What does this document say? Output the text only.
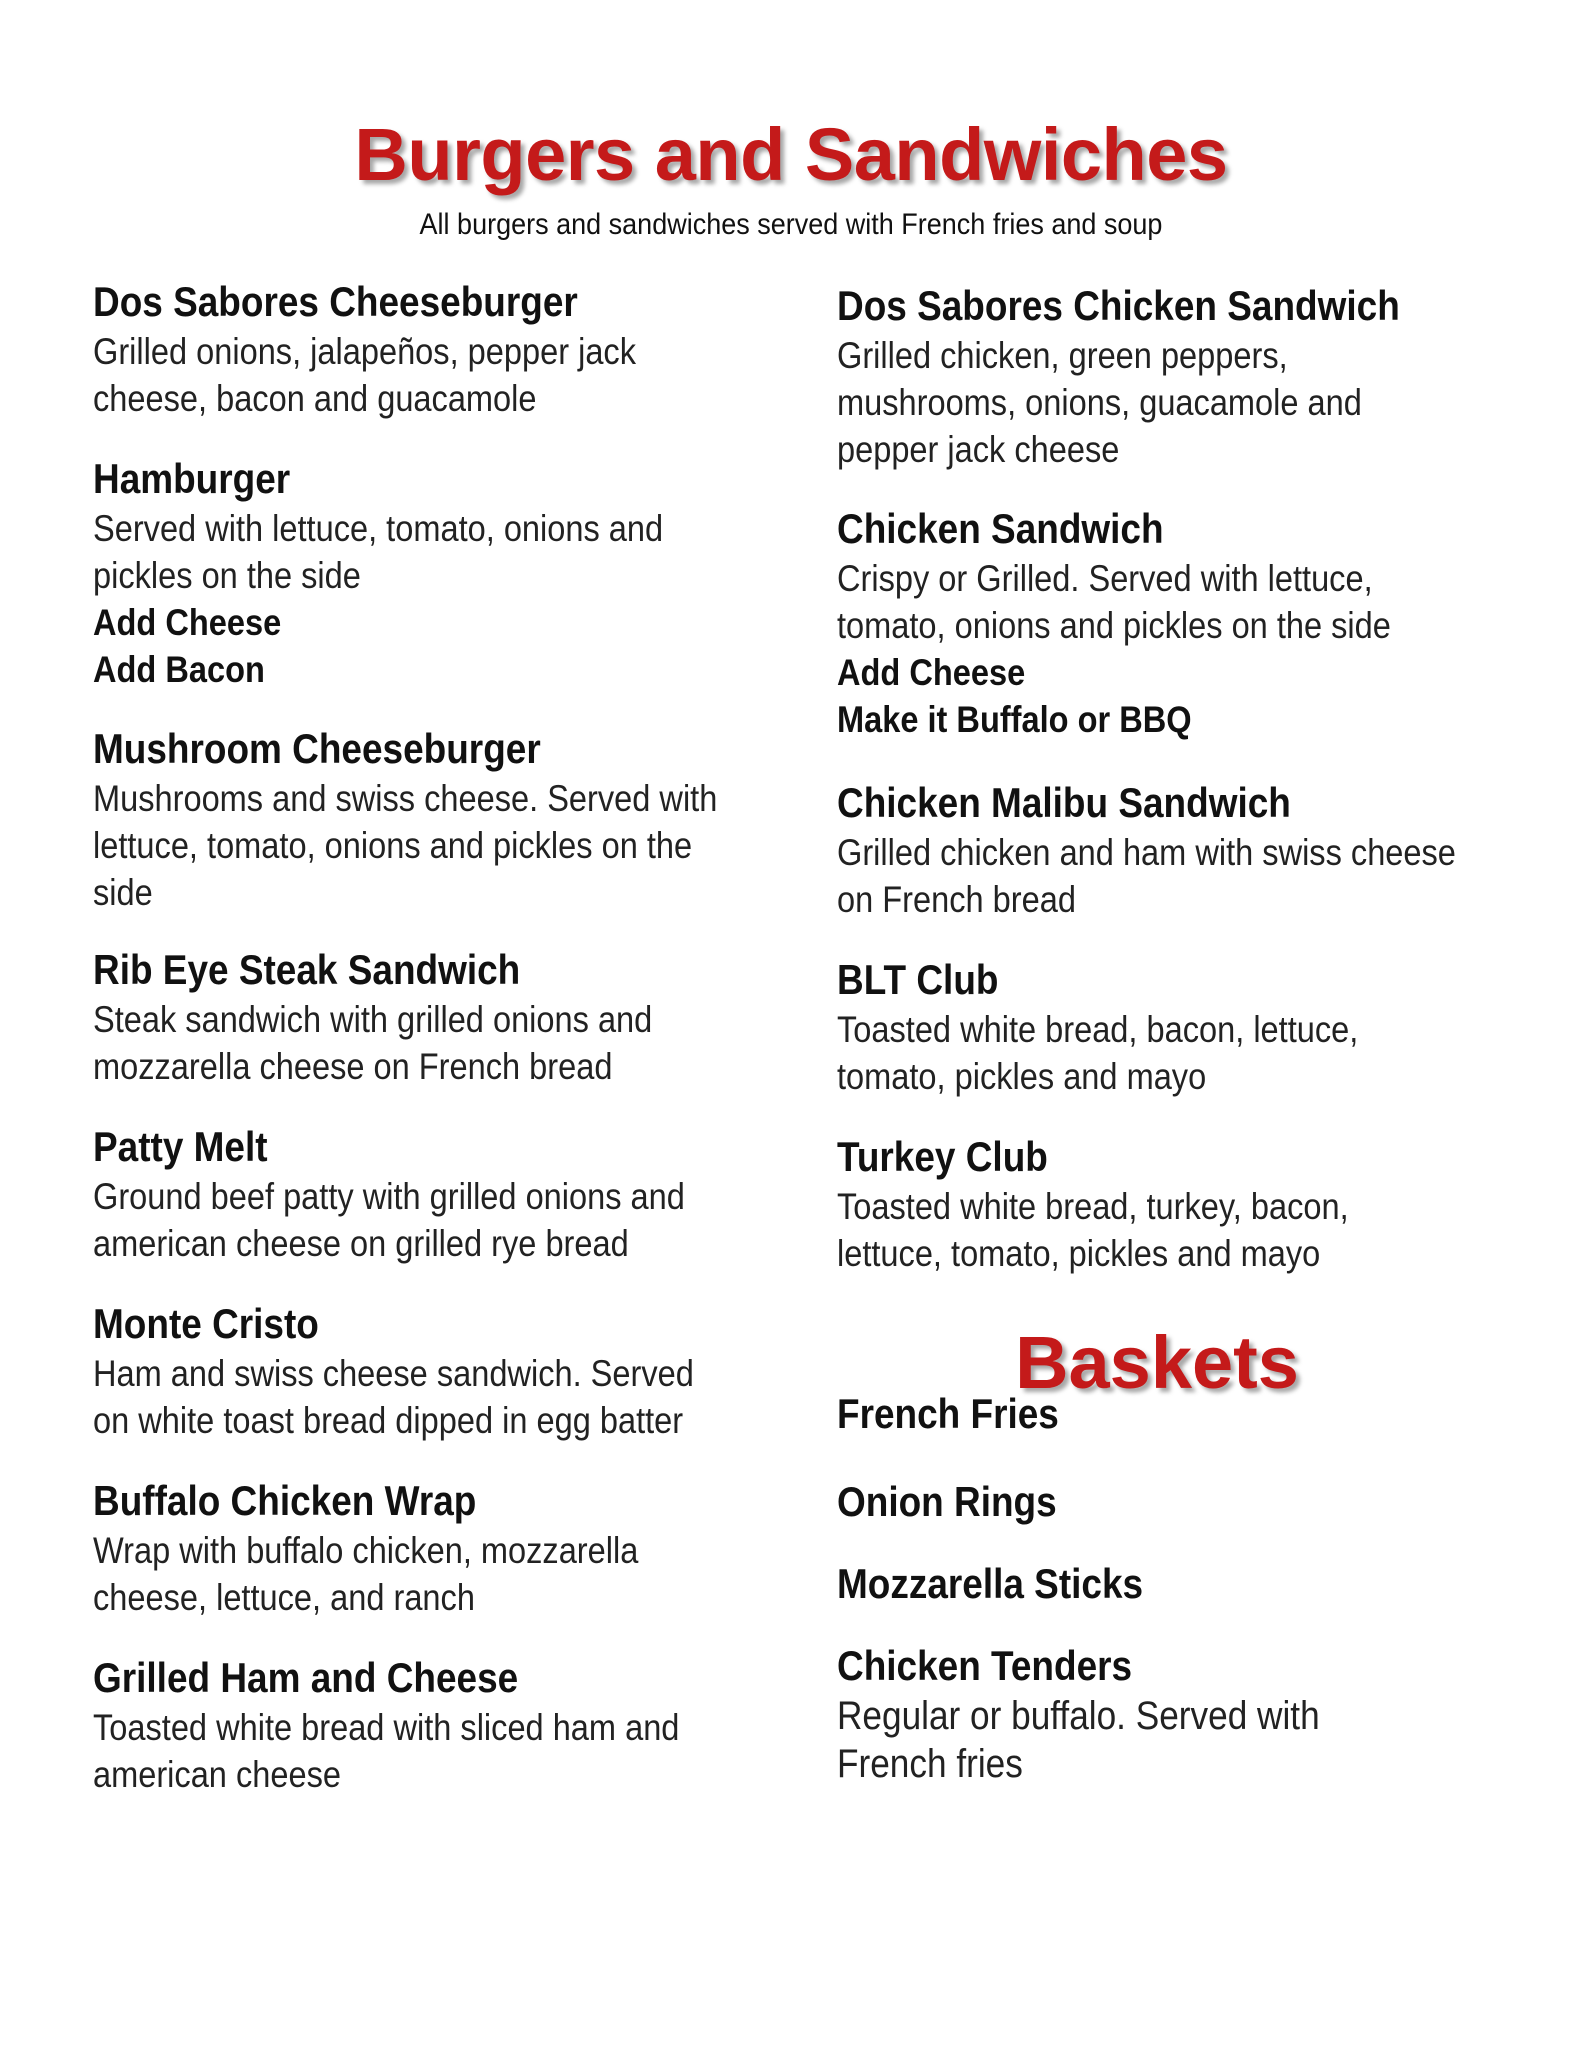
Burgers and Sandwiches

All burgers and sandwiches served with French fries and soup

Dos Sabores Cheeseburger

Grilled onions, jalapeños, pepper jack

cheese, bacon and guacamole

Hamburger

Served with lettuce, tomato, onions and

pickles on the side

Add Cheese

Add Bacon

Mushroom Cheeseburger

Mushrooms and swiss cheese. Served with

lettuce, tomato, onions and pickles on the

side

Rib Eye Steak Sandwich

Steak sandwich with grilled onions and

mozzarella cheese on French bread

Patty Melt

Ground beef patty with grilled onions and

american cheese on grilled rye bread

Monte Cristo

Ham and swiss cheese sandwich. Served

on white toast bread dipped in egg batter

Buffalo Chicken Wrap

Wrap with buffalo chicken, mozzarella

cheese, lettuce, and ranch

Grilled Ham and Cheese

Toasted white bread with sliced ham and

american cheese

Dos Sabores Chicken Sandwich

Grilled chicken, green peppers,

mushrooms, onions, guacamole and

pepper jack cheese

Chicken Sandwich

Crispy or Grilled. Served with lettuce,

tomato, onions and pickles on the side

Add Cheese

Make it Buffalo or BBQ

Chicken Malibu Sandwich

Grilled chicken and ham with swiss cheese

on French bread

BLT Club

Toasted white bread, bacon, lettuce,

tomato, pickles and mayo

Turkey Club

Toasted white bread, turkey, bacon,

lettuce, tomato, pickles and mayo

Baskets

French Fries

Onion Rings

Mozzarella Sticks

Chicken Tenders

Regular or buffalo. Served with

French fries
